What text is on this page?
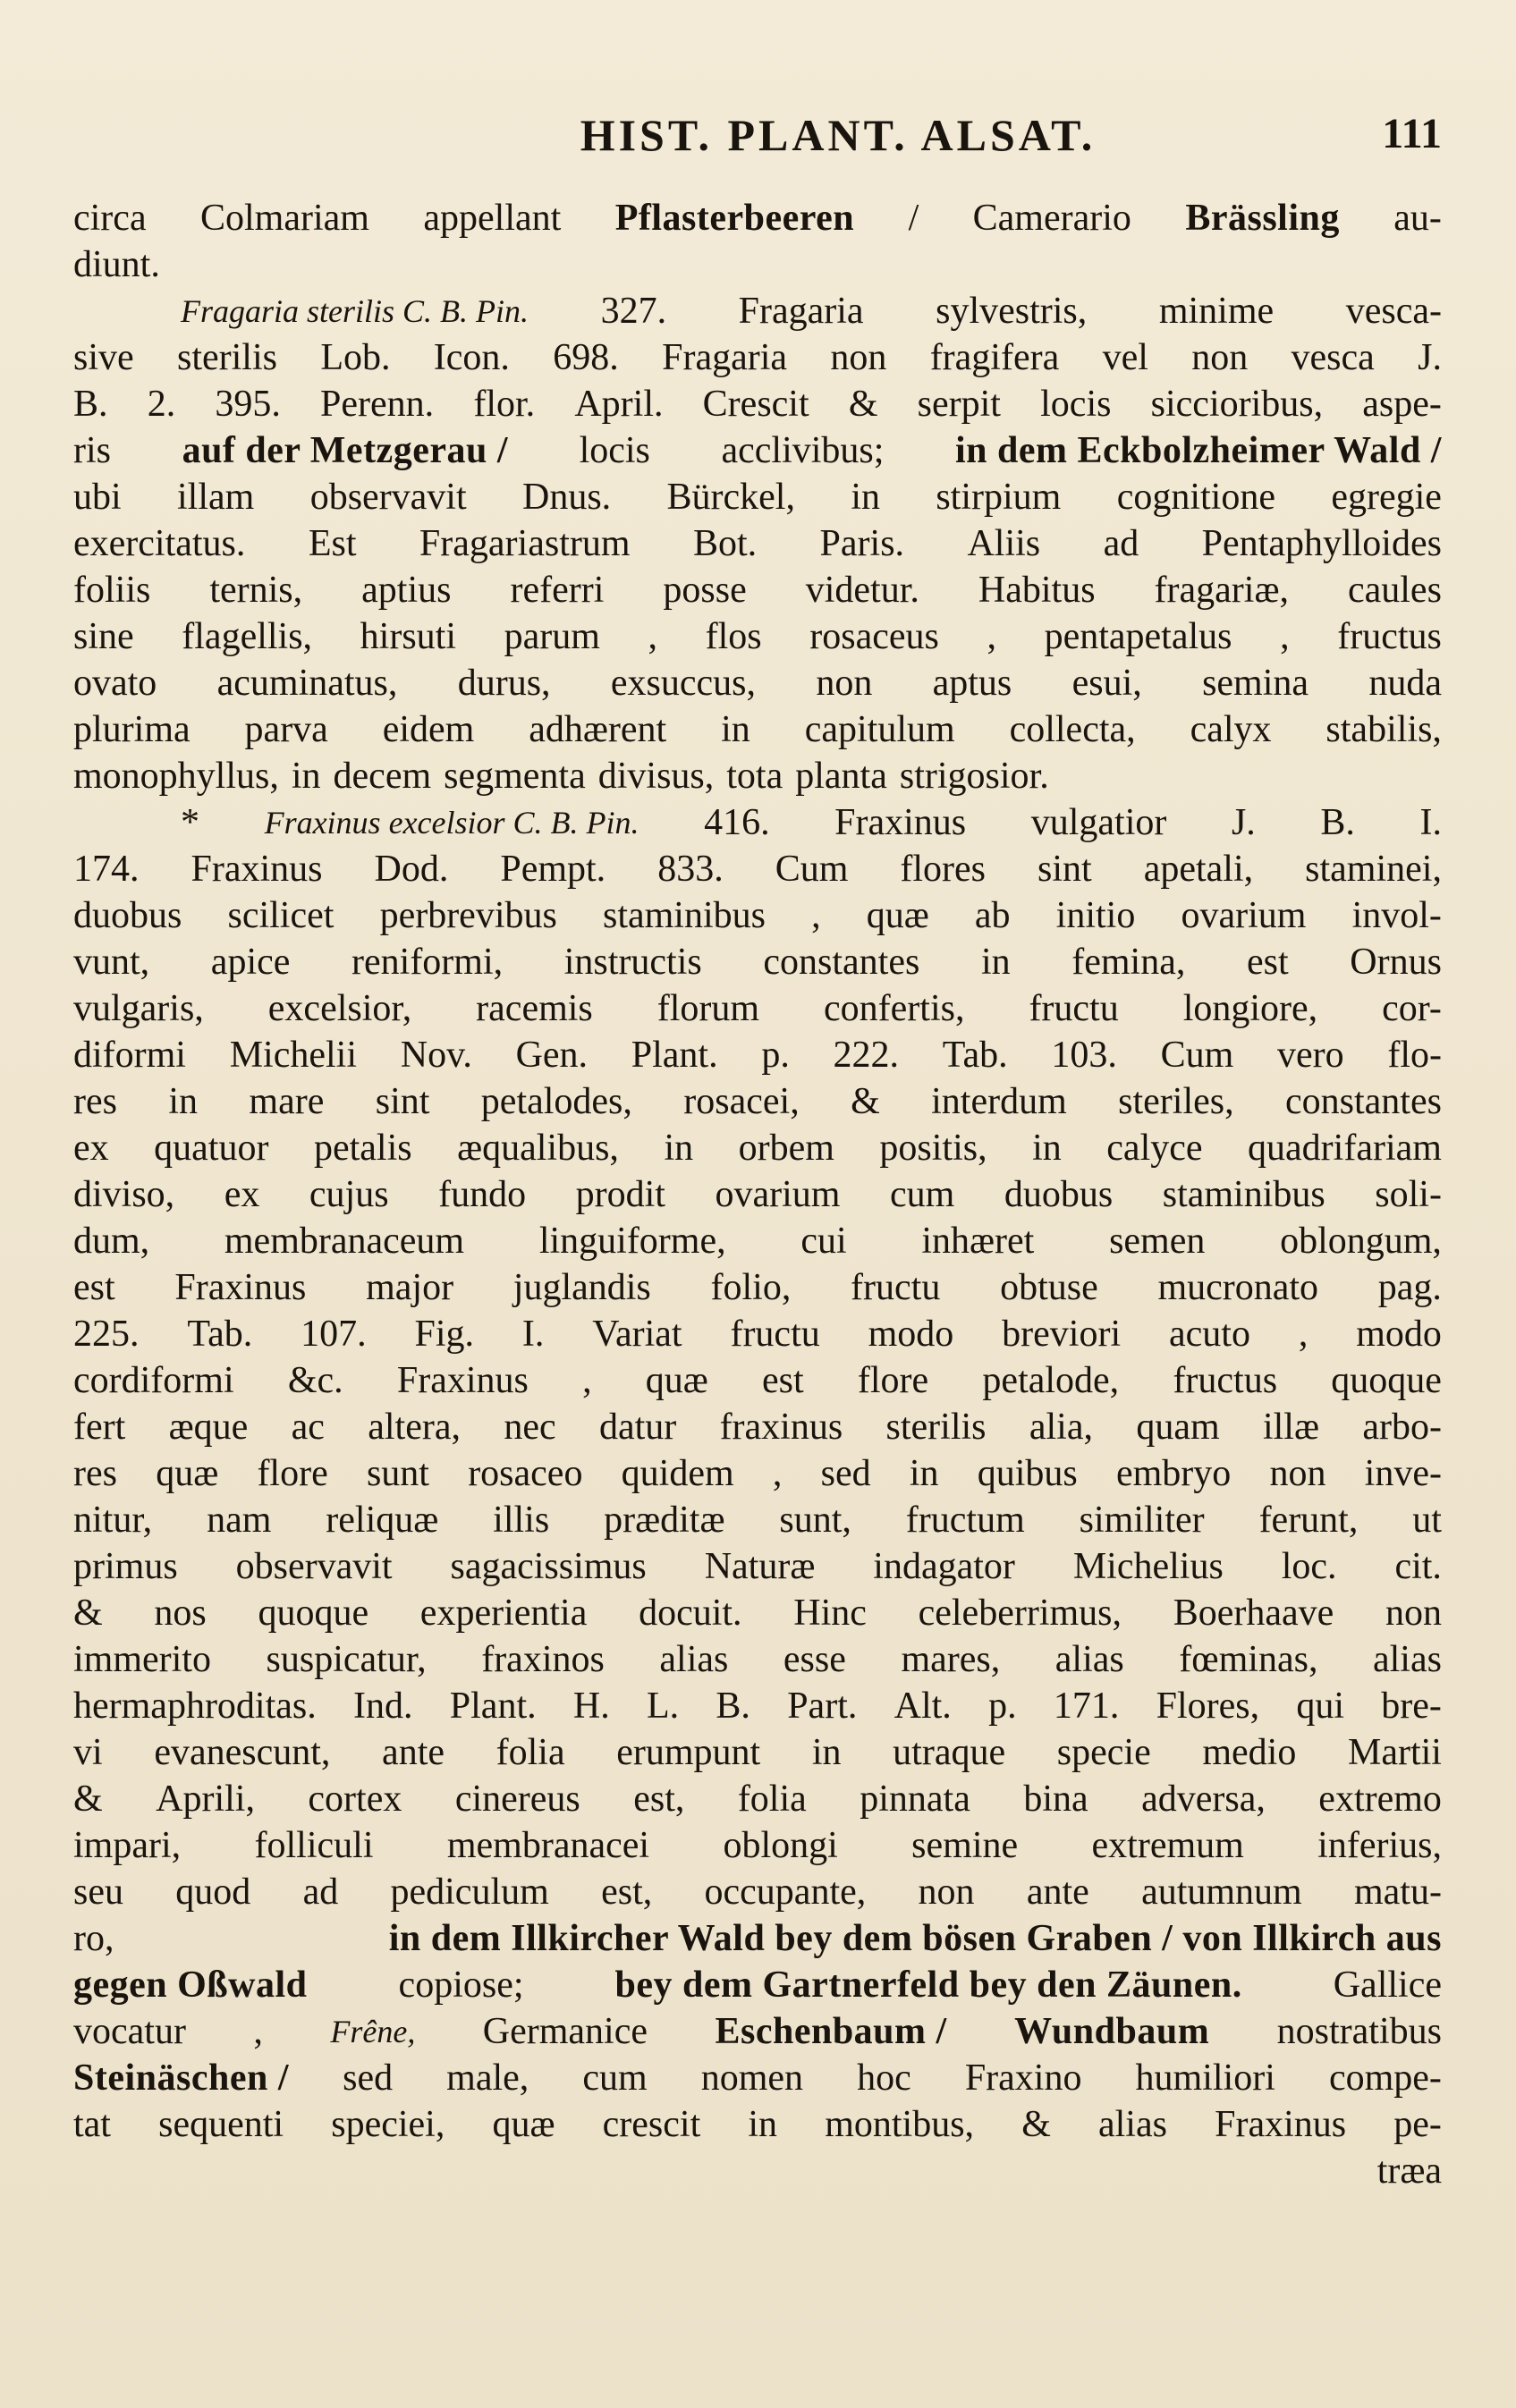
HIST. PLANT. ALSAT.	111
circa Colmariam appellant Pflasterbeeren / Camerario Brässling au-
diunt.
Fragaria sterilis C. B. Pin. 327. Fragaria sylvestris, minime vesca-
sive sterilis Lob. Icon. 698. Fragaria non fragifera vel non vesca J.
B. 2. 395. Perenn. flor. April. Crescit & serpit locis siccioribus, aspe-
ris auf der Metzgerau / locis acclivibus; in dem Eckbolzheimer Wald /
ubi illam observavit Dnus. Bürckel, in stirpium cognitione egregie
exercitatus. Est Fragariastrum Bot. Paris. Aliis ad Pentaphylloides
foliis ternis, aptius referri posse videtur. Habitus fragariæ, caules
sine flagellis, hirsuti parum , flos rosaceus , pentapetalus , fructus
ovato acuminatus, durus, exsuccus, non aptus esui, semina nuda
plurima parva eidem adhærent in capitulum collecta, calyx stabilis,
monophyllus, in decem segmenta divisus, tota planta strigosior.
* Fraxinus excelsior C. B. Pin. 416. Fraxinus vulgatior J. B. I.
174. Fraxinus Dod. Pempt. 833. Cum flores sint apetali, staminei,
duobus scilicet perbrevibus staminibus , quæ ab initio ovarium invol-
vunt, apice reniformi, instructis constantes in femina, est Ornus
vulgaris, excelsior, racemis florum confertis, fructu longiore, cor-
diformi Michelii Nov. Gen. Plant. p. 222. Tab. 103. Cum vero flo-
res in mare sint petalodes, rosacei, & interdum steriles, constantes
ex quatuor petalis æqualibus, in orbem positis, in calyce quadrifariam
diviso, ex cujus fundo prodit ovarium cum duobus staminibus soli-
dum, membranaceum linguiforme, cui inhæret semen oblongum,
est Fraxinus major juglandis folio, fructu obtuse mucronato pag.
225. Tab. 107. Fig. I. Variat fructu modo breviori acuto , modo
cordiformi &c. Fraxinus , quæ est flore petalode, fructus quoque
fert æque ac altera, nec datur fraxinus sterilis alia, quam illæ arbo-
res quæ flore sunt rosaceo quidem , sed in quibus embryo non inve-
nitur, nam reliquæ illis præditæ sunt, fructum similiter ferunt, ut
primus observavit sagacissimus Naturæ indagator Michelius loc. cit.
& nos quoque experientia docuit. Hinc celeberrimus, Boerhaave non
immerito suspicatur, fraxinos alias esse mares, alias fœminas, alias
hermaphroditas. Ind. Plant. H. L. B. Part. Alt. p. 171. Flores, qui bre-
vi evanescunt, ante folia erumpunt in utraque specie medio Martii
& Aprili, cortex cinereus est, folia pinnata bina adversa, extremo
impari, folliculi membranacei oblongi semine extremum inferius,
seu quod ad pediculum est, occupante, non ante autumnum matu-
ro,	in dem Illkircher Wald bey dem bösen Graben / von Illkirch aus
gegen Oßwald copiose; bey dem Gartnerfeld bey den Zäunen. Gallice
vocatur , Frêne, Germanice Eschenbaum / Wundbaum nostratibus
Steinäschen / sed male, cum nomen hoc Fraxino humiliori compe-
tat sequenti speciei, quæ crescit in montibus, & alias Fraxinus pe-
træa
